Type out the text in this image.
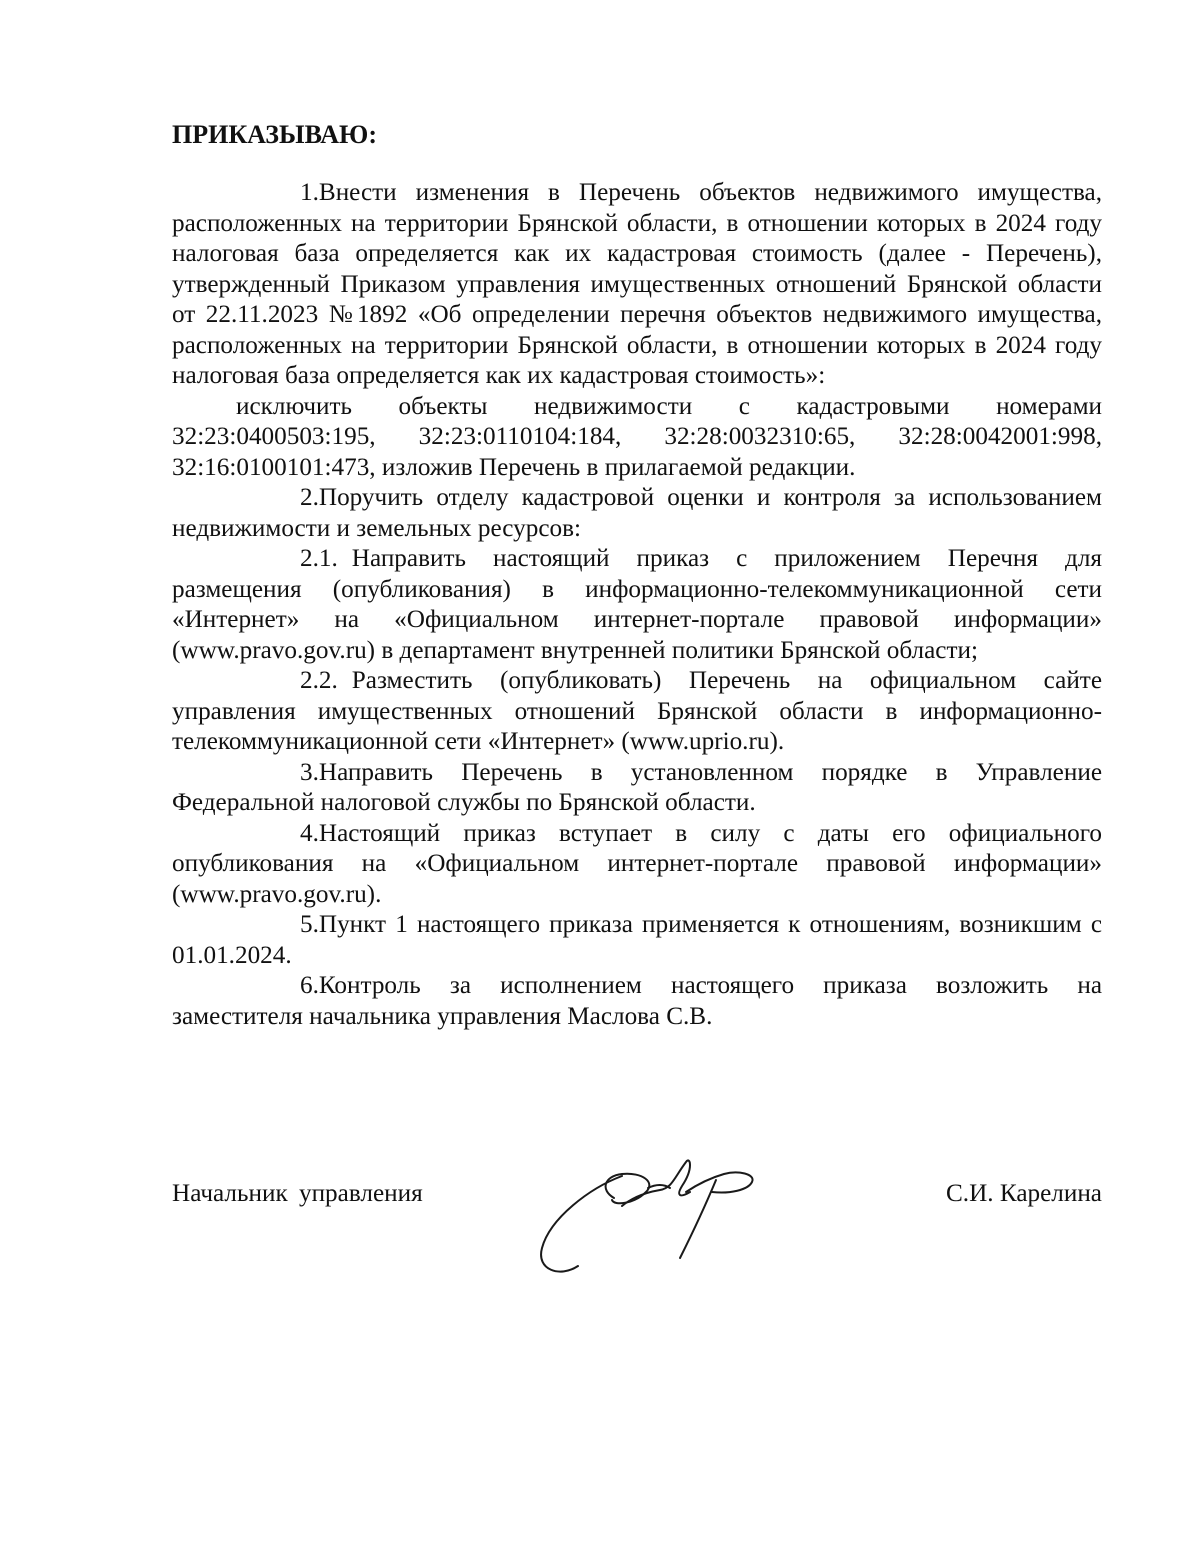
ПРИКАЗЫВАЮ:

1.Внести изменения в Перечень объектов недвижимого имущества, расположенных на территории Брянской области, в отношении которых в 2024 году налоговая база определяется как их кадастровая стоимость (далее - Перечень), утвержденный Приказом управления имущественных отношений Брянской области от 22.11.2023 №1892 «Об определении перечня объектов недвижимого имущества, расположенных на территории Брянской области, в отношении которых в 2024 году налоговая база определяется как их кадастровая стоимость»:

исключить объекты недвижимости с кадастровыми номерами 32:23:0400503:195, 32:23:0110104:184, 32:28:0032310:65, 32:28:0042001:998, 32:16:0100101:473, изложив Перечень в прилагаемой редакции.

2.Поручить отделу кадастровой оценки и контроля за использованием недвижимости и земельных ресурсов:

2.1. Направить настоящий приказ с приложением Перечня для размещения (опубликования) в информационно-телекоммуникационной сети «Интернет» на «Официальном интернет-портале правовой информации» (www.pravo.gov.ru) в департамент внутренней политики Брянской области;

2.2. Разместить (опубликовать) Перечень на официальном сайте управления имущественных отношений Брянской области в информационно-телекоммуникационной сети «Интернет» (www.uprio.ru).

3.Направить Перечень в установленном порядке в Управление Федеральной налоговой службы по Брянской области.

4.Настоящий приказ вступает в силу с даты его официального опубликования на «Официальном интернет-портале правовой информации» (www.pravo.gov.ru).

5.Пункт 1 настоящего приказа применяется к отношениям, возникшим с 01.01.2024.

6.Контроль за исполнением настоящего приказа возложить на заместителя начальника управления Маслова С.В.

Начальник управления	С.И. Карелина
